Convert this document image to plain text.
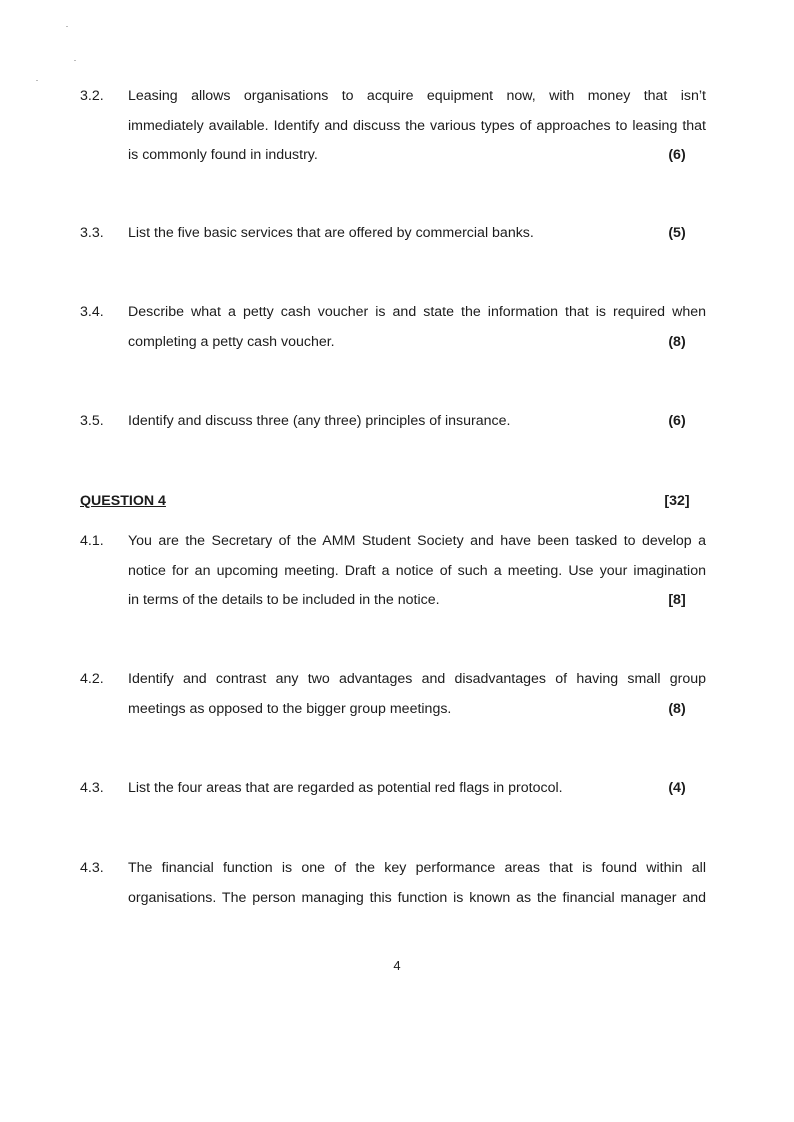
3.2. Leasing allows organisations to acquire equipment now, with money that isn’t
immediately available. Identify and discuss the various types of approaches to leasing that
is commonly found in industry.	(6)
3.3. List the five basic services that are offered by commercial banks.	(5)
3.4. Describe what a petty cash voucher is and state the information that is required when
completing a petty cash voucher.	(8)
3.5. Identify and discuss three (any three) principles of insurance.	(6)
QUESTION 4	[32]
4.1. You are the Secretary of the AMM Student Society and have been tasked to develop a
notice for an upcoming meeting. Draft a notice of such a meeting. Use your imagination
in terms of the details to be included in the notice.	[8]
4.2. Identify and contrast any two advantages and disadvantages of having small group
meetings as opposed to the bigger group meetings.	(8)
4.3. List the four areas that are regarded as potential red flags in protocol.	(4)
4.3. The financial function is one of the key performance areas that is found within all
organisations. The person managing this function is known as the financial manager and
4
